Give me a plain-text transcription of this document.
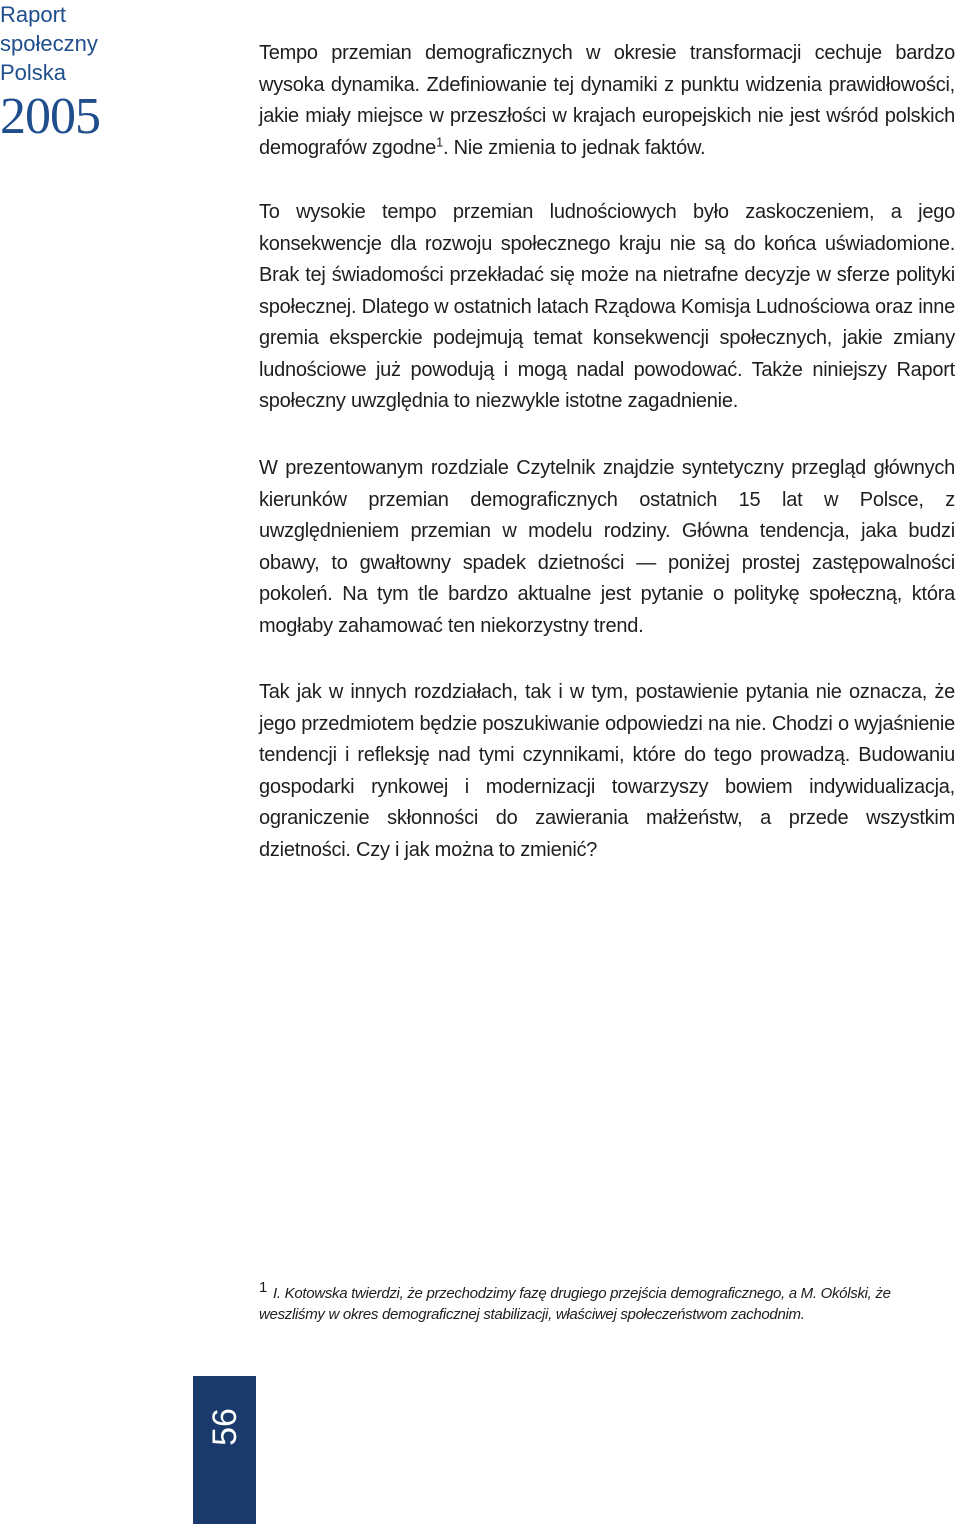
Raport
społeczny
Polska
2005

Tempo przemian demograficznych w okresie transformacji cechuje bardzo wysoka dynamika. Zdefiniowanie tej dynamiki z punktu widzenia prawidłowości, jakie miały miejsce w przeszłości w krajach europejskich nie jest wśród polskich demografów zgodne$^1$. Nie zmienia to jednak faktów.

To wysokie tempo przemian ludnościowych było zaskoczeniem, a jego konsekwencje dla rozwoju społecznego kraju nie są do końca uświadomione. Brak tej świadomości przekładać się może na nietrafne decyzje w sferze polityki społecznej. Dlatego w ostatnich latach Rządowa Komisja Ludnościowa oraz inne gremia eksperckie podejmują temat konsekwencji społecznych, jakie zmiany ludnościowe już powodują i mogą nadal powodować. Także niniejszy Raport społeczny uwzględnia to niezwykle istotne zagadnienie.

W prezentowanym rozdziale Czytelnik znajdzie syntetyczny przegląd głównych kierunków przemian demograficznych ostatnich 15 lat w Polsce, z uwzględnieniem przemian w modelu rodziny. Główna tendencja, jaka budzi obawy, to gwałtowny spadek dzietności — poniżej prostej zastępowalności pokoleń. Na tym tle bardzo aktualne jest pytanie o politykę społeczną, która mogłaby zahamować ten niekorzystny trend.

Tak jak w innych rozdziałach, tak i w tym, postawienie pytania nie oznacza, że jego przedmiotem będzie poszukiwanie odpowiedzi na nie. Chodzi o wyjaśnienie tendencji i refleksję nad tymi czynnikami, które do tego prowadzą. Budowaniu gospodarki rynkowej i modernizacji towarzyszy bowiem indywidualizacja, ograniczenie skłonności do zawierania małżeństw, a przede wszystkim dzietności. Czy i jak można to zmienić?

1 I. Kotowska twierdzi, że przechodzimy fazę drugiego przejścia demograficznego, a M. Okólski, że weszliśmy w okres demograficznej stabilizacji, właściwej społeczeństwom zachodnim.
56
